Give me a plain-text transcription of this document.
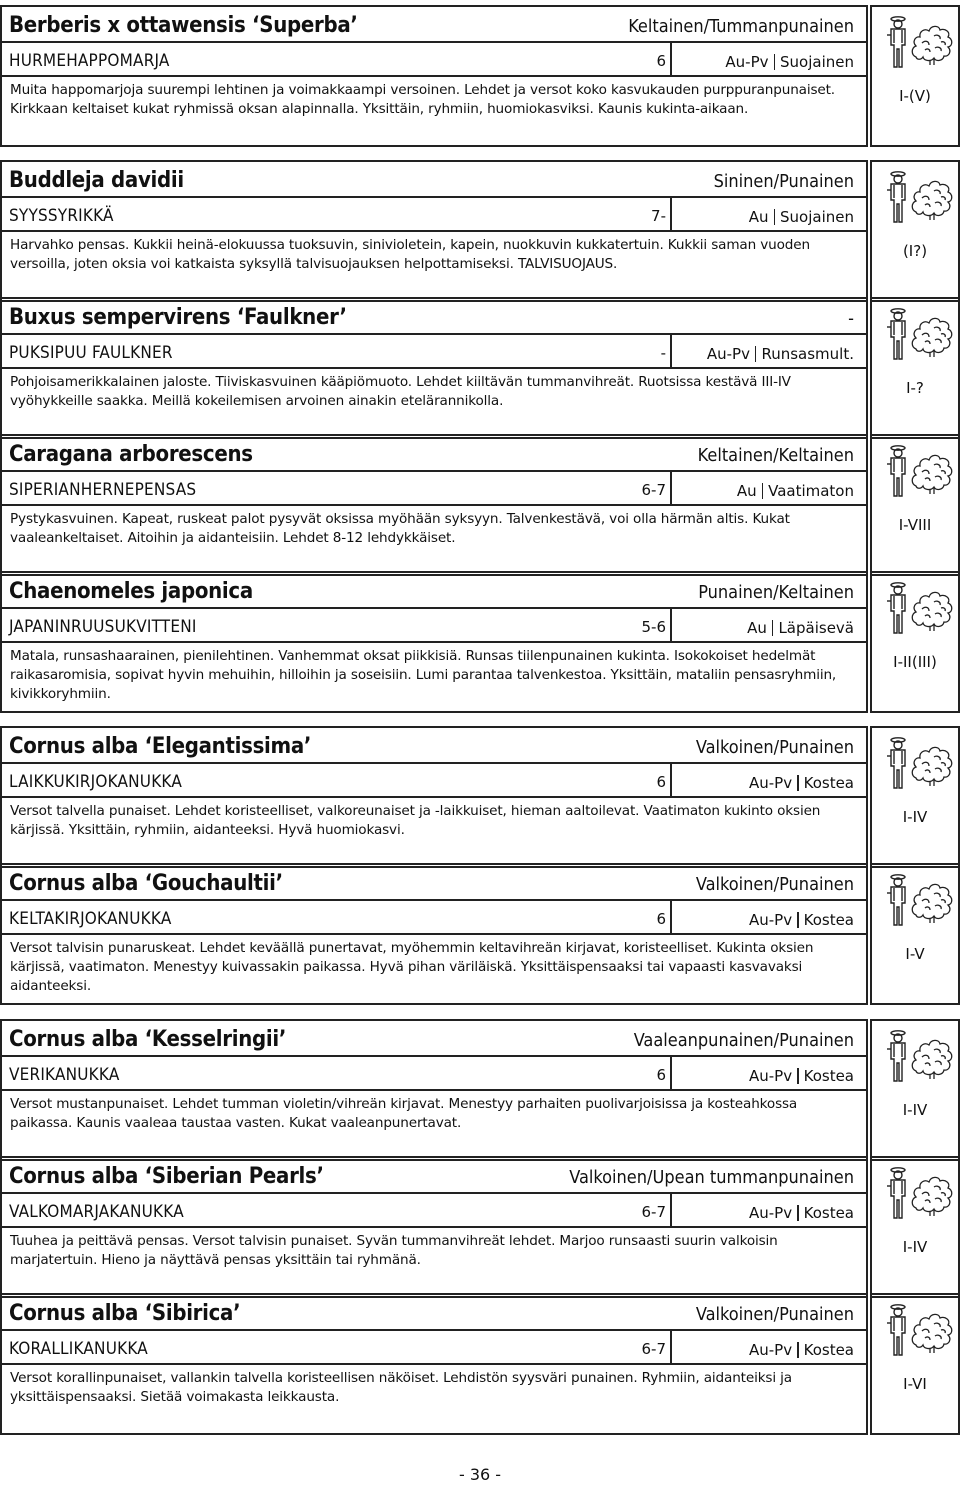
Berberis x ottawensis ‘Superba’	Keltainen/Tummanpunainen
HURMEHAPPOMARJA	6	Au-Pv Suojainen

Muita happomarjoja suurempi lehtinen ja voimakkaampi versoinen. Lehdet ja versot koko kasvukauden purppuranpunaiset. Kirkkaan keltaiset kukat ryhmissä oksan alapinnalla. Yksittäin, ryhmiin, huomiokasviksi. Kaunis kukinta-aikaan.

I-(V)
Buddleja davidii	Sininen/Punainen
SYYSSYRIKKÄ	7-	Au Suojainen

Harvahko pensas. Kukkii heinä-elokuussa tuoksuvin, sinivioletein, kapein, nuokkuvin kukkatertuin. Kukkii saman vuoden versoilla, joten oksia voi katkaista syksyllä talvisuojauksen helpottamiseksi. TALVISUOJAUS.

(I?)
Buxus sempervirens ‘Faulkner’	-
PUKSIPUU FAULKNER	-	Au-Pv Runsasmult.

Pohjoisamerikkalainen jaloste. Tiiviskasvuinen kääpiömuoto. Lehdet kiiltävän tummanvihreät. Ruotsissa kestävä III-IV vyöhykkeille saakka. Meillä kokeilemisen arvoinen ainakin etelärannikolla.

I-?
Caragana arborescens	Keltainen/Keltainen
SIPERIANHERNEPENSAS	6-7	Au Vaatimaton

Pystykasvuinen. Kapeat, ruskeat palot pysyvät oksissa myöhään syksyyn. Talvenkestävä, voi olla härmän altis. Kukat vaaleankeltaiset. Aitoihin ja aidanteisiin. Lehdet 8-12 lehdykkäiset.

I-VIII
Chaenomeles japonica	Punainen/Keltainen
JAPANINRUUSUKVITTENI	5-6	Au Läpäisevä

Matala, runsashaarainen, pienilehtinen. Vanhemmat oksat piikkisiä. Runsas tiilenpunainen kukinta. Isokokoiset hedelmät raikasaromisia, sopivat hyvin mehuihin, hilloihin ja soseisiin. Lumi parantaa talvenkestoa. Yksittäin, mataliin pensasryhmiin, kivikkoryhmiin.

I-II(III)
Cornus alba ‘Elegantissima’	Valkoinen/Punainen
LAIKKUKIRJOKANUKKA	6	Au-Pv Kostea

Versot talvella punaiset. Lehdet koristeelliset, valkoreunaiset ja -laikkuiset, hieman aaltoilevat. Vaatimaton kukinto oksien kärjissä. Yksittäin, ryhmiin, aidanteeksi. Hyvä huomiokasvi.

I-IV
Cornus alba ‘Gouchaultii’	Valkoinen/Punainen
KELTAKIRJOKANUKKA	6	Au-Pv Kostea

Versot talvisin punaruskeat. Lehdet keväällä punertavat, myöhemmin keltavihreän kirjavat, koristeelliset. Kukinta oksien kärjissä, vaatimaton. Menestyy kuivassakin paikassa. Hyvä pihan väriläiskä. Yksittäispensaaksi tai vapaasti kasvavaksi aidanteeksi.

I-V
Cornus alba ‘Kesselringii’	Vaaleanpunainen/Punainen
VERIKANUKKA	6	Au-Pv Kostea

Versot mustanpunaiset. Lehdet tumman violetin/vihreän kirjavat. Menestyy parhaiten puolivarjoisissa ja kosteahkossa paikassa. Kaunis vaaleaa taustaa vasten. Kukat vaaleanpunertavat.

I-IV
Cornus alba ‘Siberian Pearls’	Valkoinen/Upean tummanpunainen
VALKOMARJAKANUKKA	6-7	Au-Pv Kostea

Tuuhea ja peittävä pensas. Versot talvisin punaiset. Syvän tummanvihreät lehdet. Marjoo runsaasti suurin valkoisin marjatertuin. Hieno ja näyttävä pensas yksittäin tai ryhmänä.

I-IV
Cornus alba ‘Sibirica’	Valkoinen/Punainen
KORALLIKANUKKA	6-7	Au-Pv Kostea

Versot korallinpunaiset, vallankin talvella koristeellisen näköiset. Lehdistön syysväri punainen. Ryhmiin, aidanteiksi ja yksittäispensaaksi. Sietää voimakasta leikkausta.

I-VI
- 36 -
